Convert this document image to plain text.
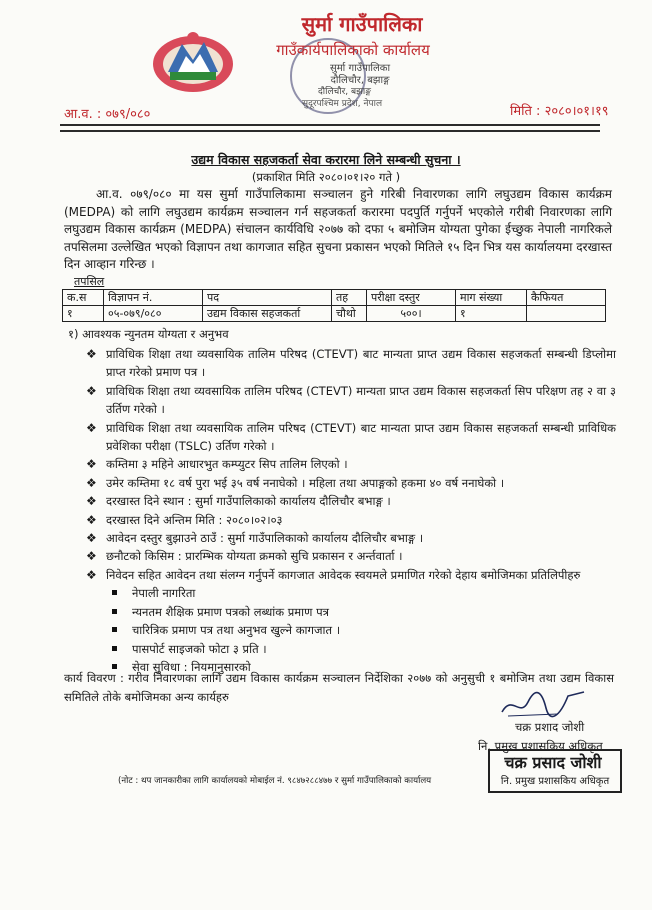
सुर्मा गाउँपालिका
गाउँकार्यपालिकाको कार्यालय
सुर्मा गाउँपालिका
दौलिचौर, बझाङ्ग
दौलिचौर, बझाङ्ग
सुदूरपश्चिम प्रदेश, नेपाल
आ.व. : ०७९/०८०	मिति : २०८०।०१।१९
उद्यम विकास सहजकर्ता सेवा करारमा लिने सम्बन्धी सुचना ।
(प्रकाशित मिति २०८०।०१।२० गते )
आ.व. ०७९/०८० मा यस सुर्मा गाउँपालिकामा सञ्चालन हुने गरिबी निवारणका लागि लघुउद्यम विकास कार्यक्रम (MEDPA) को लागि लघुउद्यम कार्यक्रम सञ्चालन गर्न सहजकर्ता करारमा पदपुर्ति गर्नुपर्ने भएकोले गरीबी निवारणका लागि लघुउद्यम विकास कार्यक्रम (MEDPA) संचालन कार्यविधि २०७७ को दफा ५ बमोजिम योग्यता पुगेका ईच्छुक नेपाली नागरिकले तपसिलमा उल्लेखित भएको विज्ञापन तथा कागजात सहित सुचना प्रकासन भएको मितिले १५ दिन भित्र यस कार्यालयमा दरखास्त दिन आव्हान गरिन्छ ।
तपसिल
क.स	विज्ञापन नं.	पद	तह	परीक्षा दस्तुर	माग संख्या	कैफियत
१	०५-०७९/०८०	उद्यम विकास सहजकर्ता	चौथो	५००।	१	
१) आवश्यक न्युनतम योग्यता र अनुभव
❖ प्राविधिक शिक्षा तथा व्यवसायिक तालिम परिषद (CTEVT) बाट मान्यता प्राप्त उद्यम विकास सहजकर्ता सम्बन्धी डिप्लोमा प्राप्त गरेको प्रमाण पत्र ।
❖ प्राविधिक शिक्षा तथा व्यवसायिक तालिम परिषद (CTEVT) मान्यता प्राप्त उद्यम विकास सहजकर्ता सिप परिक्षण तह २ वा ३ उर्तिण गरेको ।
❖ प्राविधिक शिक्षा तथा व्यवसायिक तालिम परिषद (CTEVT) बाट मान्यता प्राप्त उद्यम विकास सहजकर्ता सम्बन्धी प्राविधिक प्रवेशिका परीक्षा (TSLC) उर्तिण गरेको ।
❖ कम्तिमा ३ महिने आधारभुत कम्प्युटर सिप तालिम लिएको ।
❖ उमेर कम्तिमा १८ वर्ष पुरा भई ३५ वर्ष ननाघेको । महिला तथा अपाङ्गको हकमा ४० वर्ष ननाघेको ।
❖ दरखास्त दिने स्थान : सुर्मा गाउँपालिकाको कार्यालय दौलिचौर बभाङ्ग ।
❖ दरखास्त दिने अन्तिम मिति : २०८०।०२।०३
❖ आवेदन दस्तुर बुझाउने ठाउँ : सुर्मा गाउँपालिकाको कार्यालय दौलिचौर बभाङ्ग ।
❖ छनौटको किसिम : प्रारम्भिक योग्यता क्रमको सुचि प्रकासन र अर्न्तवार्ता ।
❖ निवेदन सहित आवेदन तथा संलग्न गर्नुपर्ने कागजात आवेदक स्वयमले प्रमाणित गरेको देहाय बमोजिमका प्रतिलिपीहरु
नेपाली नागरिता
न्यनतम शैक्षिक प्रमाण पत्रको लब्धांक प्रमाण पत्र
चारित्रिक प्रमाण पत्र तथा अनुभव खुल्ने कागजात ।
पासपोर्ट साइजको फोटा ३ प्रति ।
सेवा सुविधा : नियमानुसारको
कार्य विवरण : गरीव निवारणका लागि उद्यम विकास कार्यक्रम सञ्चालन निर्देशिका २०७७ को अनुसुची १ बमोजिम तथा उद्यम विकास समितिले तोके बमोजिमका अन्य कार्यहरु
चक्र प्रशाद जोशी
नि. प्रमुख प्रशासकिय अधिकृत
चक्र प्रसाद जोशी
नि. प्रमुख प्रशासकिय अधिकृत
(नोट : थप जानकारीका लागि कार्यालयको मोबाईल नं. ९८४७२८८४७७ र सुर्मा गाउँपालिकाको कार्यालय
